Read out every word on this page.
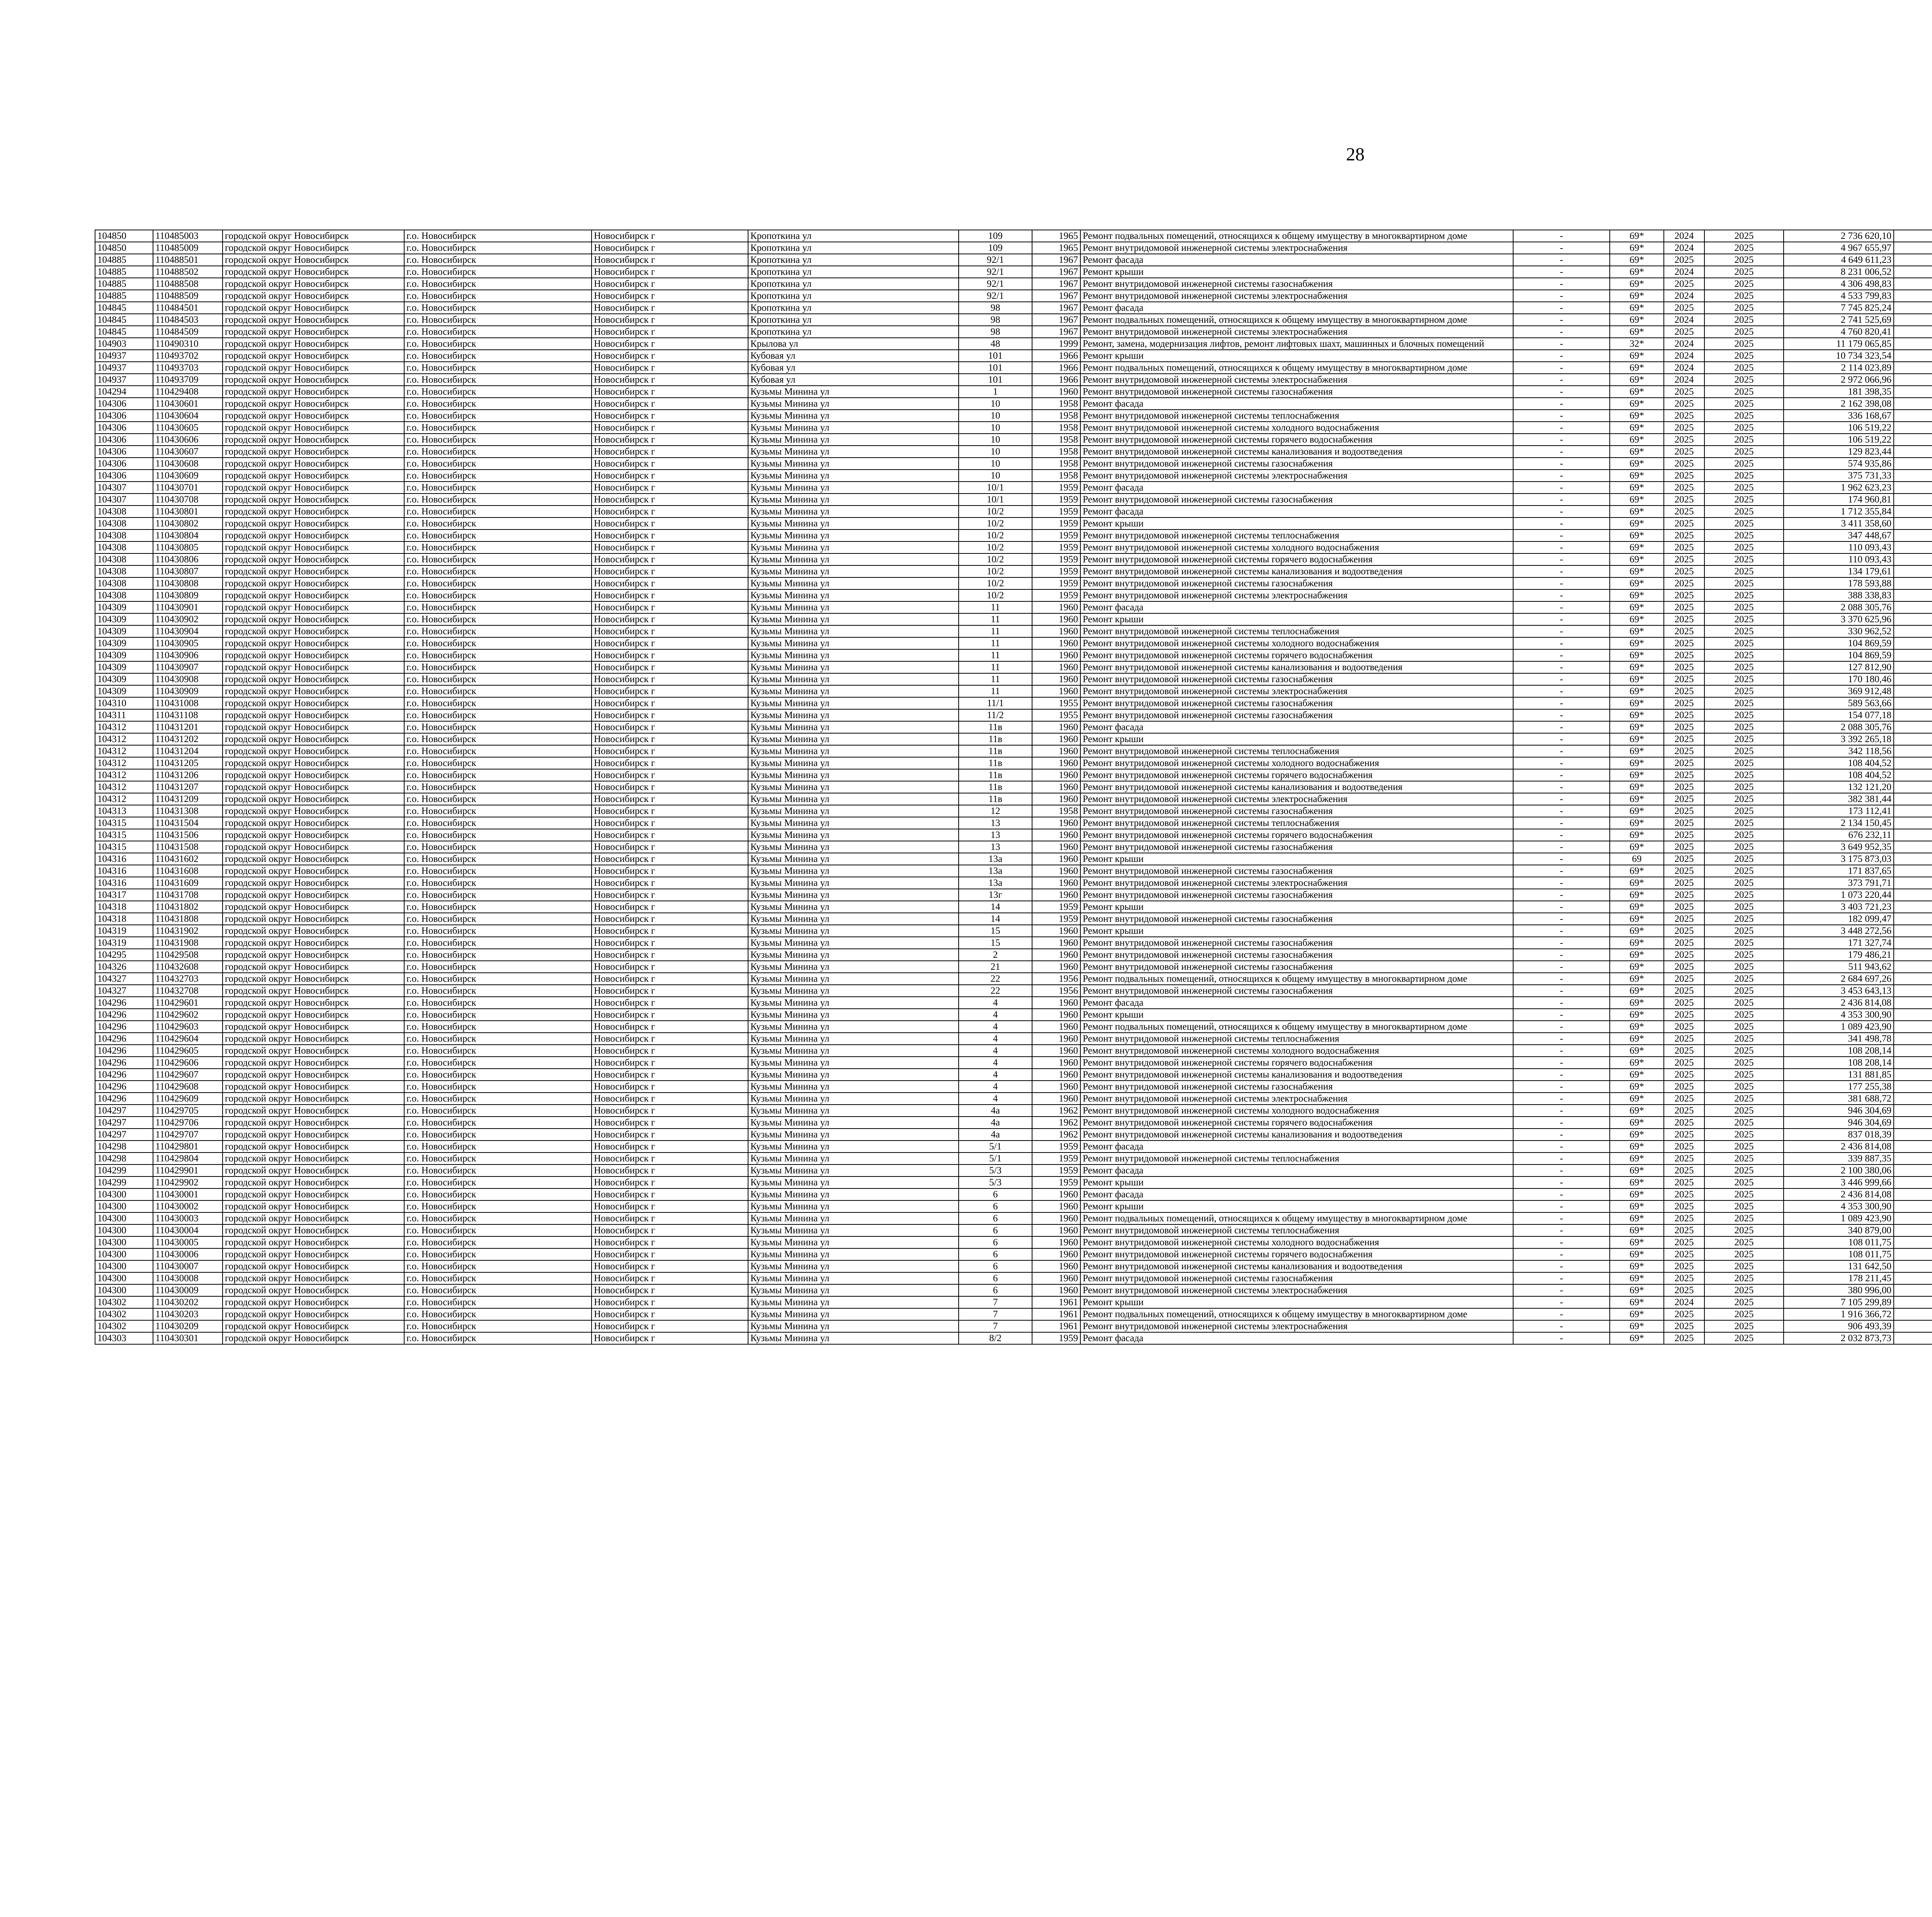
28
104850	110485003	городской округ Новосибирск	г.о. Новосибирск	Новосибирск г	Кропоткина ул	109	1965	Ремонт подвальных помещений, относящихся к общему имуществу в многоквартирном доме	-	69*	2024	2025	2 736 620,10						
104850	110485009	городской округ Новосибирск	г.о. Новосибирск	Новосибирск г	Кропоткина ул	109	1965	Ремонт внутридомовой инженерной системы электроснабжения	-	69*	2024	2025	4 967 655,97						
104885	110488501	городской округ Новосибирск	г.о. Новосибирск	Новосибирск г	Кропоткина ул	92/1	1967	Ремонт фасада	-	69*	2025	2025	4 649 611,23						
104885	110488502	городской округ Новосибирск	г.о. Новосибирск	Новосибирск г	Кропоткина ул	92/1	1967	Ремонт крыши	-	69*	2024	2025	8 231 006,52						
104885	110488508	городской округ Новосибирск	г.о. Новосибирск	Новосибирск г	Кропоткина ул	92/1	1967	Ремонт внутридомовой инженерной системы газоснабжения	-	69*	2025	2025	4 306 498,83						
104885	110488509	городской округ Новосибирск	г.о. Новосибирск	Новосибирск г	Кропоткина ул	92/1	1967	Ремонт внутридомовой инженерной системы электроснабжения	-	69*	2024	2025	4 533 799,83						
104845	110484501	городской округ Новосибирск	г.о. Новосибирск	Новосибирск г	Кропоткина ул	98	1967	Ремонт фасада	-	69*	2025	2025	7 745 825,24						
104845	110484503	городской округ Новосибирск	г.о. Новосибирск	Новосибирск г	Кропоткина ул	98	1967	Ремонт подвальных помещений, относящихся к общему имуществу в многоквартирном доме	-	69*	2024	2025	2 741 525,69						
104845	110484509	городской округ Новосибирск	г.о. Новосибирск	Новосибирск г	Кропоткина ул	98	1967	Ремонт внутридомовой инженерной системы электроснабжения	-	69*	2025	2025	4 760 820,41						
104903	110490310	городской округ Новосибирск	г.о. Новосибирск	Новосибирск г	Крылова ул	48	1999	Ремонт, замена, модернизация лифтов, ремонт лифтовых шахт, машинных и блочных помещений	-	32*	2024	2025	11 179 065,85						
104937	110493702	городской округ Новосибирск	г.о. Новосибирск	Новосибирск г	Кубовая ул	101	1966	Ремонт крыши	-	69*	2024	2025	10 734 323,54						
104937	110493703	городской округ Новосибирск	г.о. Новосибирск	Новосибирск г	Кубовая ул	101	1966	Ремонт подвальных помещений, относящихся к общему имуществу в многоквартирном доме	-	69*	2024	2025	2 114 023,89						
104937	110493709	городской округ Новосибирск	г.о. Новосибирск	Новосибирск г	Кубовая ул	101	1966	Ремонт внутридомовой инженерной системы электроснабжения	-	69*	2024	2025	2 972 066,96						
104294	110429408	городской округ Новосибирск	г.о. Новосибирск	Новосибирск г	Кузьмы Минина ул	1	1960	Ремонт внутридомовой инженерной системы газоснабжения	-	69*	2025	2025	181 398,35						
104306	110430601	городской округ Новосибирск	г.о. Новосибирск	Новосибирск г	Кузьмы Минина ул	10	1958	Ремонт фасада	-	69*	2025	2025	2 162 398,08						
104306	110430604	городской округ Новосибирск	г.о. Новосибирск	Новосибирск г	Кузьмы Минина ул	10	1958	Ремонт внутридомовой инженерной системы теплоснабжения	-	69*	2025	2025	336 168,67						
104306	110430605	городской округ Новосибирск	г.о. Новосибирск	Новосибирск г	Кузьмы Минина ул	10	1958	Ремонт внутридомовой инженерной системы холодного водоснабжения	-	69*	2025	2025	106 519,22						
104306	110430606	городской округ Новосибирск	г.о. Новосибирск	Новосибирск г	Кузьмы Минина ул	10	1958	Ремонт внутридомовой инженерной системы горячего водоснабжения	-	69*	2025	2025	106 519,22						
104306	110430607	городской округ Новосибирск	г.о. Новосибирск	Новосибирск г	Кузьмы Минина ул	10	1958	Ремонт внутридомовой инженерной системы канализования и водоотведения	-	69*	2025	2025	129 823,44						
104306	110430608	городской округ Новосибирск	г.о. Новосибирск	Новосибирск г	Кузьмы Минина ул	10	1958	Ремонт внутридомовой инженерной системы газоснабжения	-	69*	2025	2025	574 935,86						
104306	110430609	городской округ Новосибирск	г.о. Новосибирск	Новосибирск г	Кузьмы Минина ул	10	1958	Ремонт внутридомовой инженерной системы электроснабжения	-	69*	2025	2025	375 731,33						
104307	110430701	городской округ Новосибирск	г.о. Новосибирск	Новосибирск г	Кузьмы Минина ул	10/1	1959	Ремонт фасада	-	69*	2025	2025	1 962 623,23						
104307	110430708	городской округ Новосибирск	г.о. Новосибирск	Новосибирск г	Кузьмы Минина ул	10/1	1959	Ремонт внутридомовой инженерной системы газоснабжения	-	69*	2025	2025	174 960,81						
104308	110430801	городской округ Новосибирск	г.о. Новосибирск	Новосибирск г	Кузьмы Минина ул	10/2	1959	Ремонт фасада	-	69*	2025	2025	1 712 355,84						
104308	110430802	городской округ Новосибирск	г.о. Новосибирск	Новосибирск г	Кузьмы Минина ул	10/2	1959	Ремонт крыши	-	69*	2025	2025	3 411 358,60						
104308	110430804	городской округ Новосибирск	г.о. Новосибирск	Новосибирск г	Кузьмы Минина ул	10/2	1959	Ремонт внутридомовой инженерной системы теплоснабжения	-	69*	2025	2025	347 448,67						
104308	110430805	городской округ Новосибирск	г.о. Новосибирск	Новосибирск г	Кузьмы Минина ул	10/2	1959	Ремонт внутридомовой инженерной системы холодного водоснабжения	-	69*	2025	2025	110 093,43						
104308	110430806	городской округ Новосибирск	г.о. Новосибирск	Новосибирск г	Кузьмы Минина ул	10/2	1959	Ремонт внутридомовой инженерной системы горячего водоснабжения	-	69*	2025	2025	110 093,43						
104308	110430807	городской округ Новосибирск	г.о. Новосибирск	Новосибирск г	Кузьмы Минина ул	10/2	1959	Ремонт внутридомовой инженерной системы канализования и водоотведения	-	69*	2025	2025	134 179,61						
104308	110430808	городской округ Новосибирск	г.о. Новосибирск	Новосибирск г	Кузьмы Минина ул	10/2	1959	Ремонт внутридомовой инженерной системы газоснабжения	-	69*	2025	2025	178 593,88						
104308	110430809	городской округ Новосибирск	г.о. Новосибирск	Новосибирск г	Кузьмы Минина ул	10/2	1959	Ремонт внутридомовой инженерной системы электроснабжения	-	69*	2025	2025	388 338,83						
104309	110430901	городской округ Новосибирск	г.о. Новосибирск	Новосибирск г	Кузьмы Минина ул	11	1960	Ремонт фасада	-	69*	2025	2025	2 088 305,76						
104309	110430902	городской округ Новосибирск	г.о. Новосибирск	Новосибирск г	Кузьмы Минина ул	11	1960	Ремонт крыши	-	69*	2025	2025	3 370 625,96						
104309	110430904	городской округ Новосибирск	г.о. Новосибирск	Новосибирск г	Кузьмы Минина ул	11	1960	Ремонт внутридомовой инженерной системы теплоснабжения	-	69*	2025	2025	330 962,52						
104309	110430905	городской округ Новосибирск	г.о. Новосибирск	Новосибирск г	Кузьмы Минина ул	11	1960	Ремонт внутридомовой инженерной системы холодного водоснабжения	-	69*	2025	2025	104 869,59						
104309	110430906	городской округ Новосибирск	г.о. Новосибирск	Новосибирск г	Кузьмы Минина ул	11	1960	Ремонт внутридомовой инженерной системы горячего водоснабжения	-	69*	2025	2025	104 869,59						
104309	110430907	городской округ Новосибирск	г.о. Новосибирск	Новосибирск г	Кузьмы Минина ул	11	1960	Ремонт внутридомовой инженерной системы канализования и водоотведения	-	69*	2025	2025	127 812,90						
104309	110430908	городской округ Новосибирск	г.о. Новосибирск	Новосибирск г	Кузьмы Минина ул	11	1960	Ремонт внутридомовой инженерной системы газоснабжения	-	69*	2025	2025	170 180,46						
104309	110430909	городской округ Новосибирск	г.о. Новосибирск	Новосибирск г	Кузьмы Минина ул	11	1960	Ремонт внутридомовой инженерной системы электроснабжения	-	69*	2025	2025	369 912,48						
104310	110431008	городской округ Новосибирск	г.о. Новосибирск	Новосибирск г	Кузьмы Минина ул	11/1	1955	Ремонт внутридомовой инженерной системы газоснабжения	-	69*	2025	2025	589 563,66						
104311	110431108	городской округ Новосибирск	г.о. Новосибирск	Новосибирск г	Кузьмы Минина ул	11/2	1955	Ремонт внутридомовой инженерной системы газоснабжения	-	69*	2025	2025	154 077,18						
104312	110431201	городской округ Новосибирск	г.о. Новосибирск	Новосибирск г	Кузьмы Минина ул	11в	1960	Ремонт фасада	-	69*	2025	2025	2 088 305,76						
104312	110431202	городской округ Новосибирск	г.о. Новосибирск	Новосибирск г	Кузьмы Минина ул	11в	1960	Ремонт крыши	-	69*	2025	2025	3 392 265,18						
104312	110431204	городской округ Новосибирск	г.о. Новосибирск	Новосибирск г	Кузьмы Минина ул	11в	1960	Ремонт внутридомовой инженерной системы теплоснабжения	-	69*	2025	2025	342 118,56						
104312	110431205	городской округ Новосибирск	г.о. Новосибирск	Новосибирск г	Кузьмы Минина ул	11в	1960	Ремонт внутридомовой инженерной системы холодного водоснабжения	-	69*	2025	2025	108 404,52						
104312	110431206	городской округ Новосибирск	г.о. Новосибирск	Новосибирск г	Кузьмы Минина ул	11в	1960	Ремонт внутридомовой инженерной системы горячего водоснабжения	-	69*	2025	2025	108 404,52						
104312	110431207	городской округ Новосибирск	г.о. Новосибирск	Новосибирск г	Кузьмы Минина ул	11в	1960	Ремонт внутридомовой инженерной системы канализования и водоотведения	-	69*	2025	2025	132 121,20						
104312	110431209	городской округ Новосибирск	г.о. Новосибирск	Новосибирск г	Кузьмы Минина ул	11в	1960	Ремонт внутридомовой инженерной системы электроснабжения	-	69*	2025	2025	382 381,44						
104313	110431308	городской округ Новосибирск	г.о. Новосибирск	Новосибирск г	Кузьмы Минина ул	12	1958	Ремонт внутридомовой инженерной системы газоснабжения	-	69*	2025	2025	173 112,41						
104315	110431504	городской округ Новосибирск	г.о. Новосибирск	Новосибирск г	Кузьмы Минина ул	13	1960	Ремонт внутридомовой инженерной системы теплоснабжения	-	69*	2025	2025	2 134 150,45						
104315	110431506	городской округ Новосибирск	г.о. Новосибирск	Новосибирск г	Кузьмы Минина ул	13	1960	Ремонт внутридомовой инженерной системы горячего водоснабжения	-	69*	2025	2025	676 232,11						
104315	110431508	городской округ Новосибирск	г.о. Новосибирск	Новосибирск г	Кузьмы Минина ул	13	1960	Ремонт внутридомовой инженерной системы газоснабжения	-	69*	2025	2025	3 649 952,35						
104316	110431602	городской округ Новосибирск	г.о. Новосибирск	Новосибирск г	Кузьмы Минина ул	13а	1960	Ремонт крыши	-	69	2025	2025	3 175 873,03						
104316	110431608	городской округ Новосибирск	г.о. Новосибирск	Новосибирск г	Кузьмы Минина ул	13а	1960	Ремонт внутридомовой инженерной системы газоснабжения	-	69*	2025	2025	171 837,65						
104316	110431609	городской округ Новосибирск	г.о. Новосибирск	Новосибирск г	Кузьмы Минина ул	13а	1960	Ремонт внутридомовой инженерной системы электроснабжения	-	69*	2025	2025	373 791,71						
104317	110431708	городской округ Новосибирск	г.о. Новосибирск	Новосибирск г	Кузьмы Минина ул	13г	1960	Ремонт внутридомовой инженерной системы газоснабжения	-	69*	2025	2025	1 073 220,44						
104318	110431802	городской округ Новосибирск	г.о. Новосибирск	Новосибирск г	Кузьмы Минина ул	14	1959	Ремонт крыши	-	69*	2025	2025	3 403 721,23						
104318	110431808	городской округ Новосибирск	г.о. Новосибирск	Новосибирск г	Кузьмы Минина ул	14	1959	Ремонт внутридомовой инженерной системы газоснабжения	-	69*	2025	2025	182 099,47						
104319	110431902	городской округ Новосибирск	г.о. Новосибирск	Новосибирск г	Кузьмы Минина ул	15	1960	Ремонт крыши	-	69*	2025	2025	3 448 272,56						
104319	110431908	городской округ Новосибирск	г.о. Новосибирск	Новосибирск г	Кузьмы Минина ул	15	1960	Ремонт внутридомовой инженерной системы газоснабжения	-	69*	2025	2025	171 327,74						
104295	110429508	городской округ Новосибирск	г.о. Новосибирск	Новосибирск г	Кузьмы Минина ул	2	1960	Ремонт внутридомовой инженерной системы газоснабжения	-	69*	2025	2025	179 486,21						
104326	110432608	городской округ Новосибирск	г.о. Новосибирск	Новосибирск г	Кузьмы Минина ул	21	1960	Ремонт внутридомовой инженерной системы газоснабжения	-	69*	2025	2025	511 943,62						
104327	110432703	городской округ Новосибирск	г.о. Новосибирск	Новосибирск г	Кузьмы Минина ул	22	1956	Ремонт подвальных помещений, относящихся к общему имуществу в многоквартирном доме	-	69*	2025	2025	2 684 697,26						
104327	110432708	городской округ Новосибирск	г.о. Новосибирск	Новосибирск г	Кузьмы Минина ул	22	1956	Ремонт внутридомовой инженерной системы газоснабжения	-	69*	2025	2025	3 453 643,13						
104296	110429601	городской округ Новосибирск	г.о. Новосибирск	Новосибирск г	Кузьмы Минина ул	4	1960	Ремонт фасада	-	69*	2025	2025	2 436 814,08						
104296	110429602	городской округ Новосибирск	г.о. Новосибирск	Новосибирск г	Кузьмы Минина ул	4	1960	Ремонт крыши	-	69*	2025	2025	4 353 300,90						
104296	110429603	городской округ Новосибирск	г.о. Новосибирск	Новосибирск г	Кузьмы Минина ул	4	1960	Ремонт подвальных помещений, относящихся к общему имуществу в многоквартирном доме	-	69*	2025	2025	1 089 423,90						
104296	110429604	городской округ Новосибирск	г.о. Новосибирск	Новосибирск г	Кузьмы Минина ул	4	1960	Ремонт внутридомовой инженерной системы теплоснабжения	-	69*	2025	2025	341 498,78						
104296	110429605	городской округ Новосибирск	г.о. Новосибирск	Новосибирск г	Кузьмы Минина ул	4	1960	Ремонт внутридомовой инженерной системы холодного водоснабжения	-	69*	2025	2025	108 208,14						
104296	110429606	городской округ Новосибирск	г.о. Новосибирск	Новосибирск г	Кузьмы Минина ул	4	1960	Ремонт внутридомовой инженерной системы горячего водоснабжения	-	69*	2025	2025	108 208,14						
104296	110429607	городской округ Новосибирск	г.о. Новосибирск	Новосибирск г	Кузьмы Минина ул	4	1960	Ремонт внутридомовой инженерной системы канализования и водоотведения	-	69*	2025	2025	131 881,85						
104296	110429608	городской округ Новосибирск	г.о. Новосибирск	Новосибирск г	Кузьмы Минина ул	4	1960	Ремонт внутридомовой инженерной системы газоснабжения	-	69*	2025	2025	177 255,38						
104296	110429609	городской округ Новосибирск	г.о. Новосибирск	Новосибирск г	Кузьмы Минина ул	4	1960	Ремонт внутридомовой инженерной системы электроснабжения	-	69*	2025	2025	381 688,72						
104297	110429705	городской округ Новосибирск	г.о. Новосибирск	Новосибирск г	Кузьмы Минина ул	4а	1962	Ремонт внутридомовой инженерной системы холодного водоснабжения	-	69*	2025	2025	946 304,69						
104297	110429706	городской округ Новосибирск	г.о. Новосибирск	Новосибирск г	Кузьмы Минина ул	4а	1962	Ремонт внутридомовой инженерной системы горячего водоснабжения	-	69*	2025	2025	946 304,69						
104297	110429707	городской округ Новосибирск	г.о. Новосибирск	Новосибирск г	Кузьмы Минина ул	4а	1962	Ремонт внутридомовой инженерной системы канализования и водоотведения	-	69*	2025	2025	837 018,39						
104298	110429801	городской округ Новосибирск	г.о. Новосибирск	Новосибирск г	Кузьмы Минина ул	5/1	1959	Ремонт фасада	-	69*	2025	2025	2 436 814,08						
104298	110429804	городской округ Новосибирск	г.о. Новосибирск	Новосибирск г	Кузьмы Минина ул	5/1	1959	Ремонт внутридомовой инженерной системы теплоснабжения	-	69*	2025	2025	339 887,35						
104299	110429901	городской округ Новосибирск	г.о. Новосибирск	Новосибирск г	Кузьмы Минина ул	5/3	1959	Ремонт фасада	-	69*	2025	2025	2 100 380,06						
104299	110429902	городской округ Новосибирск	г.о. Новосибирск	Новосибирск г	Кузьмы Минина ул	5/3	1959	Ремонт крыши	-	69*	2025	2025	3 446 999,66						
104300	110430001	городской округ Новосибирск	г.о. Новосибирск	Новосибирск г	Кузьмы Минина ул	6	1960	Ремонт фасада	-	69*	2025	2025	2 436 814,08						
104300	110430002	городской округ Новосибирск	г.о. Новосибирск	Новосибирск г	Кузьмы Минина ул	6	1960	Ремонт крыши	-	69*	2025	2025	4 353 300,90						
104300	110430003	городской округ Новосибирск	г.о. Новосибирск	Новосибирск г	Кузьмы Минина ул	6	1960	Ремонт подвальных помещений, относящихся к общему имуществу в многоквартирном доме	-	69*	2025	2025	1 089 423,90						
104300	110430004	городской округ Новосибирск	г.о. Новосибирск	Новосибирск г	Кузьмы Минина ул	6	1960	Ремонт внутридомовой инженерной системы теплоснабжения	-	69*	2025	2025	340 879,00						
104300	110430005	городской округ Новосибирск	г.о. Новосибирск	Новосибирск г	Кузьмы Минина ул	6	1960	Ремонт внутридомовой инженерной системы холодного водоснабжения	-	69*	2025	2025	108 011,75						
104300	110430006	городской округ Новосибирск	г.о. Новосибирск	Новосибирск г	Кузьмы Минина ул	6	1960	Ремонт внутридомовой инженерной системы горячего водоснабжения	-	69*	2025	2025	108 011,75						
104300	110430007	городской округ Новосибирск	г.о. Новосибирск	Новосибирск г	Кузьмы Минина ул	6	1960	Ремонт внутридомовой инженерной системы канализования и водоотведения	-	69*	2025	2025	131 642,50						
104300	110430008	городской округ Новосибирск	г.о. Новосибирск	Новосибирск г	Кузьмы Минина ул	6	1960	Ремонт внутридомовой инженерной системы газоснабжения	-	69*	2025	2025	178 211,45						
104300	110430009	городской округ Новосибирск	г.о. Новосибирск	Новосибирск г	Кузьмы Минина ул	6	1960	Ремонт внутридомовой инженерной системы электроснабжения	-	69*	2025	2025	380 996,00						
104302	110430202	городской округ Новосибирск	г.о. Новосибирск	Новосибирск г	Кузьмы Минина ул	7	1961	Ремонт крыши	-	69*	2024	2025	7 105 299,89						
104302	110430203	городской округ Новосибирск	г.о. Новосибирск	Новосибирск г	Кузьмы Минина ул	7	1961	Ремонт подвальных помещений, относящихся к общему имуществу в многоквартирном доме	-	69*	2025	2025	1 916 366,72						
104302	110430209	городской округ Новосибирск	г.о. Новосибирск	Новосибирск г	Кузьмы Минина ул	7	1961	Ремонт внутридомовой инженерной системы электроснабжения	-	69*	2025	2025	906 493,39						
104303	110430301	городской округ Новосибирск	г.о. Новосибирск	Новосибирск г	Кузьмы Минина ул	8/2	1959	Ремонт фасада	-	69*	2025	2025	2 032 873,73						
